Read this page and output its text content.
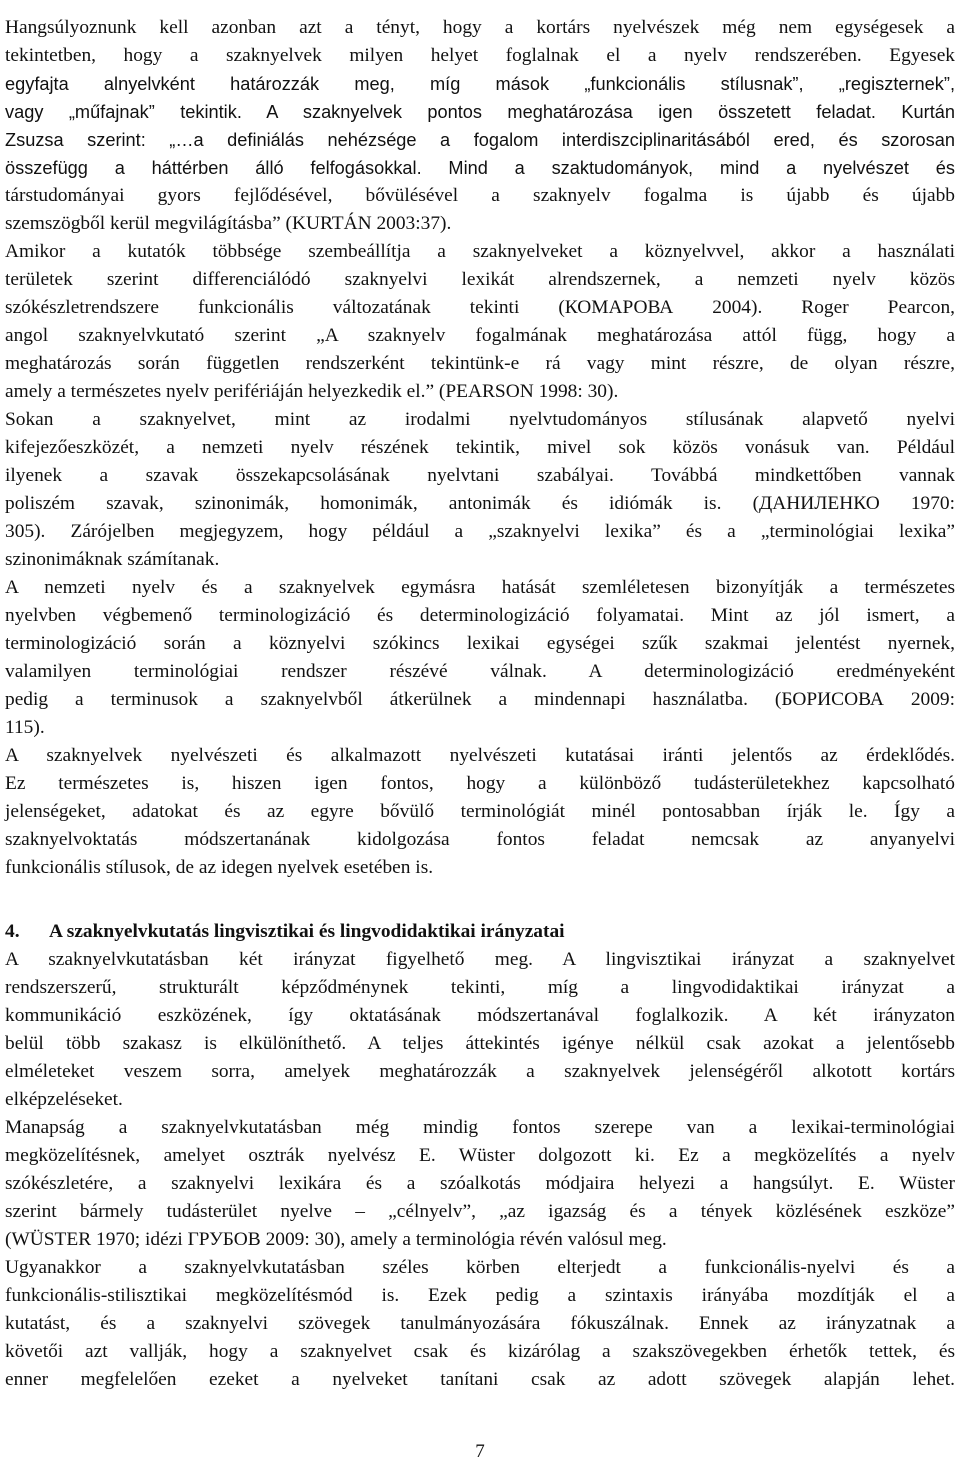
Hangsúlyoznunk kell azonban azt a tényt, hogy a kortárs nyelvészek még nem egységesek a
tekintetben, hogy a szaknyelvek milyen helyet foglalnak el a nyelv rendszerében. Egyesek
egyfajta alnyelvként határozzák meg, míg mások „funkcionális stílusnak”, „regiszternek”,
vagy „műfajnak” tekintik. A szaknyelvek pontos meghatározása igen összetett feladat. Kurtán
Zsuzsa szerint: „…a definiálás nehézsége a fogalom interdiszciplinaritásából ered, és szorosan
összefügg a háttérben álló felfogásokkal. Mind a szaktudományok, mind a nyelvészet és
társtudományai gyors fejlődésével, bővülésével a szaknyelv fogalma is újabb és újabb
szemszögből kerül megvilágításba” (KURTÁN 2003:37).
Amikor a kutatók többsége szembeállítja a szaknyelveket a köznyelvvel, akkor a használati
területek szerint differenciálódó szaknyelvi lexikát alrendszernek, a nemzeti nyelv közös
szókészletrendszere funkcionális változatának tekinti (КОМАРОВА 2004). Roger Pearcon,
angol szaknyelvkutató szerint „A szaknyelv fogalmának meghatározása attól függ, hogy a
meghatározás során független rendszerként tekintünk-e rá vagy mint részre, de olyan részre,
amely a természetes nyelv perifériáján helyezkedik el.” (PEARSON 1998: 30).
Sokan a szaknyelvet, mint az irodalmi nyelvtudományos stílusának alapvető nyelvi
kifejezőeszközét, a nemzeti nyelv részének tekintik, mivel sok közös vonásuk van. Például
ilyenek a szavak összekapcsolásának nyelvtani szabályai. Továbbá mindkettőben vannak
poliszém szavak, szinonimák, homonimák, antonimák és idiómák is. (ДАНИЛЕНКО 1970:
305). Zárójelben megjegyzem, hogy például a „szaknyelvi lexika” és a „terminológiai lexika”
szinonimáknak számítanak.
A nemzeti nyelv és a szaknyelvek egymásra hatását szemléletesen bizonyítják a természetes
nyelvben végbemenő terminologizáció és determinologizáció folyamatai. Mint az jól ismert, a
terminologizáció során a köznyelvi szókincs lexikai egységei szűk szakmai jelentést nyernek,
valamilyen terminológiai rendszer részévé válnak. A determinologizáció eredményeként
pedig a terminusok a szaknyelvből átkerülnek a mindennapi használatba. (БОРИСОВА 2009:
115).
A szaknyelvek nyelvészeti és alkalmazott nyelvészeti kutatásai iránti jelentős az érdeklődés.
Ez természetes is, hiszen igen fontos, hogy a különböző tudásterületekhez kapcsolható
jelenségeket, adatokat és az egyre bővülő terminológiát minél pontosabban írják le. Így a
szaknyelvoktatás módszertanának kidolgozása fontos feladat nemcsak az anyanyelvi
funkcionális stílusok, de az idegen nyelvek esetében is.
A szaknyelvkutatásban két irányzat figyelhető meg. A lingvisztikai irányzat a szaknyelvet
rendszerszerű, strukturált képződménynek tekinti, míg a lingvodidaktikai irányzat a
kommunikáció eszközének, így oktatásának módszertanával foglalkozik. A két irányzaton
belül több szakasz is elkülöníthető. A teljes áttekintés igénye nélkül csak azokat a jelentősebb
elméleteket veszem sorra, amelyek meghatározzák a szaknyelvek jelenségéről alkotott kortárs
elképzeléseket.
Manapság a szaknyelvkutatásban még mindig fontos szerepe van a lexikai-terminológiai
megközelítésnek, amelyet osztrák nyelvész E. Wüster dolgozott ki. Ez a megközelítés a nyelv
szókészletére, a szaknyelvi lexikára és a szóalkotás módjaira helyezi a hangsúlyt. E. Wüster
szerint bármely tudásterület nyelve – „célnyelv”, „az igazság és a tények közlésének eszköze”
(WÜSTER 1970; idézi ГРУБОВ 2009: 30), amely a terminológia révén valósul meg.
Ugyanakkor a szaknyelvkutatásban széles körben elterjedt a funkcionális-nyelvi és a
funkcionális-stilisztikai megközelítésmód is. Ezek pedig a szintaxis irányába mozdítják el a
kutatást, és a szaknyelvi szövegek tanulmányozására fókuszálnak. Ennek az irányzatnak a
követői azt vallják, hogy a szaknyelvet csak és kizárólag a szakszövegekben érhetők tettek, és
enner megfelelően ezeket a nyelveket tanítani csak az adott szövegek alapján lehet.
4. A szaknyelvkutatás lingvisztikai és lingvodidaktikai irányzatai
7
